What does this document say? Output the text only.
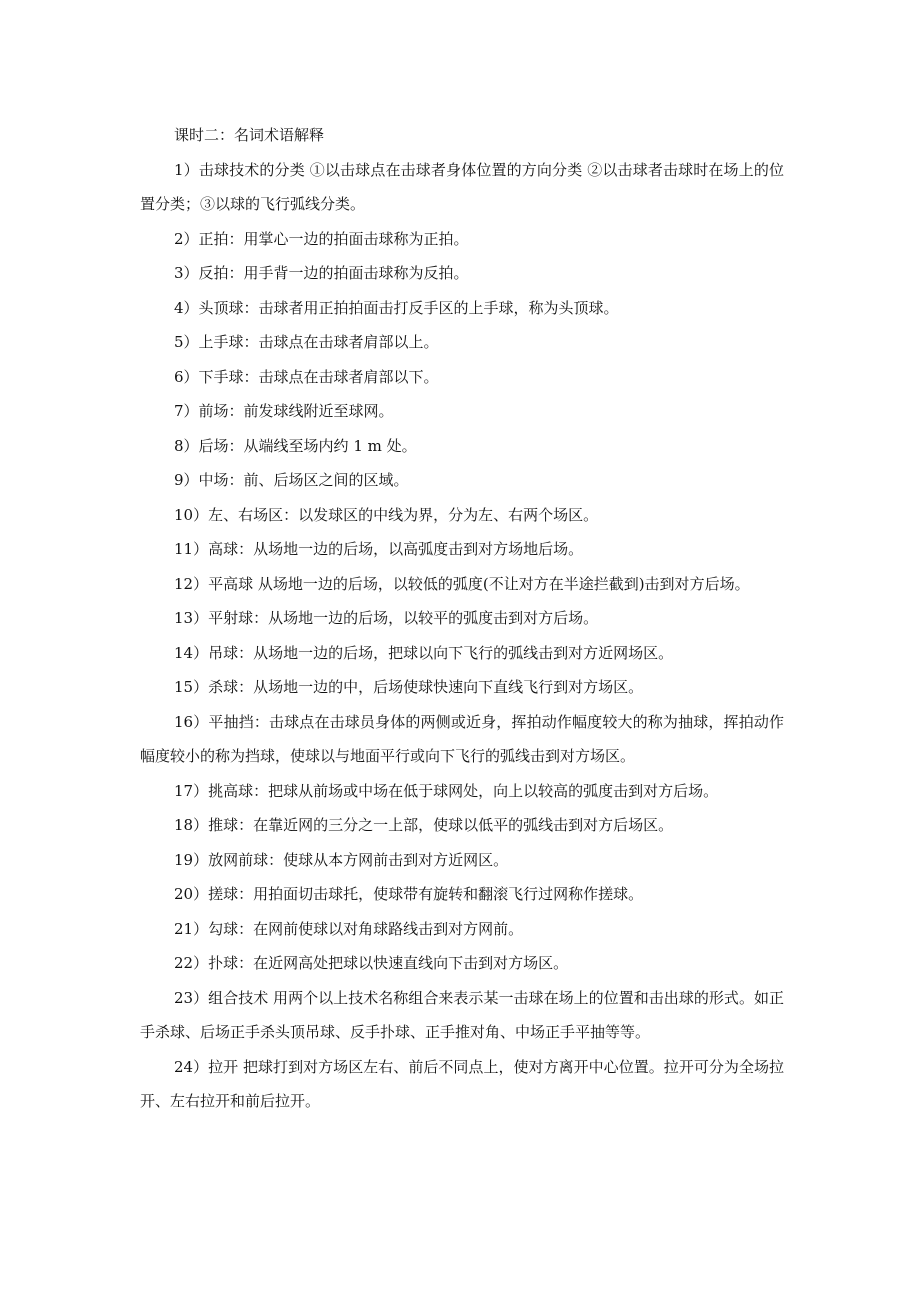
课时二：名词术语解释

1）击球技术的分类 ①以击球点在击球者身体位置的方向分类 ②以击球者击球时在场上的位置分类；③以球的飞行弧线分类。

2）正拍：用掌心一边的拍面击球称为正拍。

3）反拍：用手背一边的拍面击球称为反拍。

4）头顶球：击球者用正拍拍面击打反手区的上手球，称为头顶球。

5）上手球：击球点在击球者肩部以上。

6）下手球：击球点在击球者肩部以下。

7）前场：前发球线附近至球网。

8）后场：从端线至场内约 1 m 处。

9）中场：前、后场区之间的区域。

10）左、右场区：以发球区的中线为界，分为左、右两个场区。

11）高球：从场地一边的后场，以高弧度击到对方场地后场。

12）平高球 从场地一边的后场，以较低的弧度(不让对方在半途拦截到)击到对方后场。

13）平射球：从场地一边的后场，以较平的弧度击到对方后场。

14）吊球：从场地一边的后场，把球以向下飞行的弧线击到对方近网场区。

15）杀球：从场地一边的中，后场使球快速向下直线飞行到对方场区。

16）平抽挡：击球点在击球员身体的两侧或近身，挥拍动作幅度较大的称为抽球，挥拍动作幅度较小的称为挡球，使球以与地面平行或向下飞行的弧线击到对方场区。

17）挑高球：把球从前场或中场在低于球网处，向上以较高的弧度击到对方后场。

18）推球：在靠近网的三分之一上部，使球以低平的弧线击到对方后场区。

19）放网前球：使球从本方网前击到对方近网区。

20）搓球：用拍面切击球托，使球带有旋转和翻滚飞行过网称作搓球。

21）勾球：在网前使球以对角球路线击到对方网前。

22）扑球：在近网高处把球以快速直线向下击到对方场区。

23）组合技术 用两个以上技术名称组合来表示某一击球在场上的位置和击出球的形式。如正手杀球、后场正手杀头顶吊球、反手扑球、正手推对角、中场正手平抽等等。

24）拉开 把球打到对方场区左右、前后不同点上，使对方离开中心位置。拉开可分为全场拉开、左右拉开和前后拉开。
